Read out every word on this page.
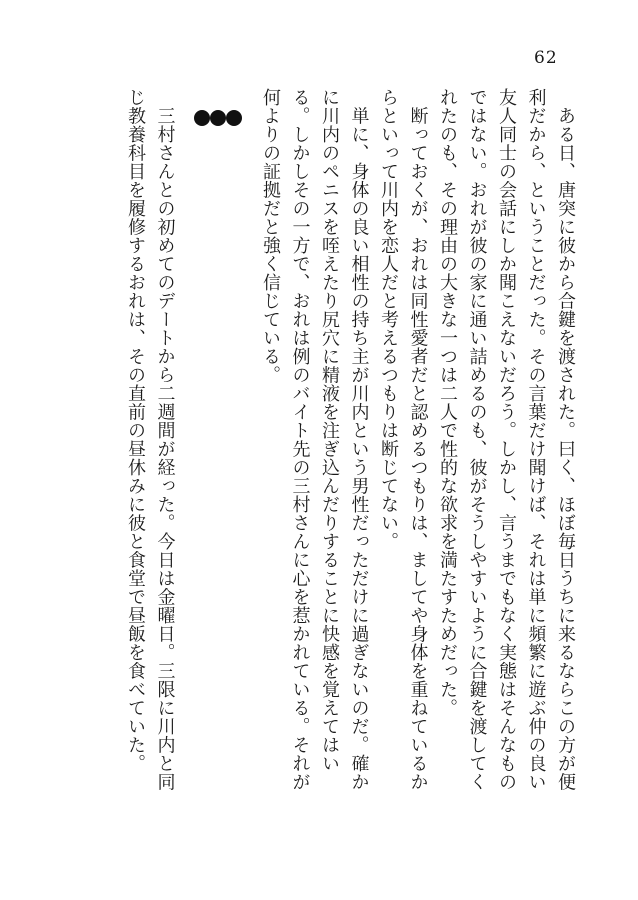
62

　ある日、唐突に彼から合鍵を渡された。曰く、ほぼ毎日うちに来るならこの方が便

利だから、ということだった。その言葉だけ聞けば、それは単に頻繁に遊ぶ仲の良い

友人同士の会話にしか聞こえないだろう。しかし、言うまでもなく実態はそんなもの

ではない。おれが彼の家に通い詰めるのも、彼がそうしやすいように合鍵を渡してく

れたのも、その理由の大きな一つは二人で性的な欲求を満たすためだった。

　断っておくが、おれは同性愛者だと認めるつもりは、ましてや身体を重ねているか

らといって川内を恋人だと考えるつもりは断じてない。

　単に、身体の良い相性の持ち主が川内という男性だっただけに過ぎないのだ。確か

に川内のペニスを咥えたり尻穴に精液を注ぎ込んだりすることに快感を覚えてはい

る。しかしその一方で、おれは例のバイト先の三村さんに心を惹かれている。それが

何よりの証拠だと強く信じている。

　三村さんとの初めてのデートから二週間が経った。今日は金曜日。三限に川内と同

じ教養科目を履修するおれは、その直前の昼休みに彼と食堂で昼飯を食べていた。
